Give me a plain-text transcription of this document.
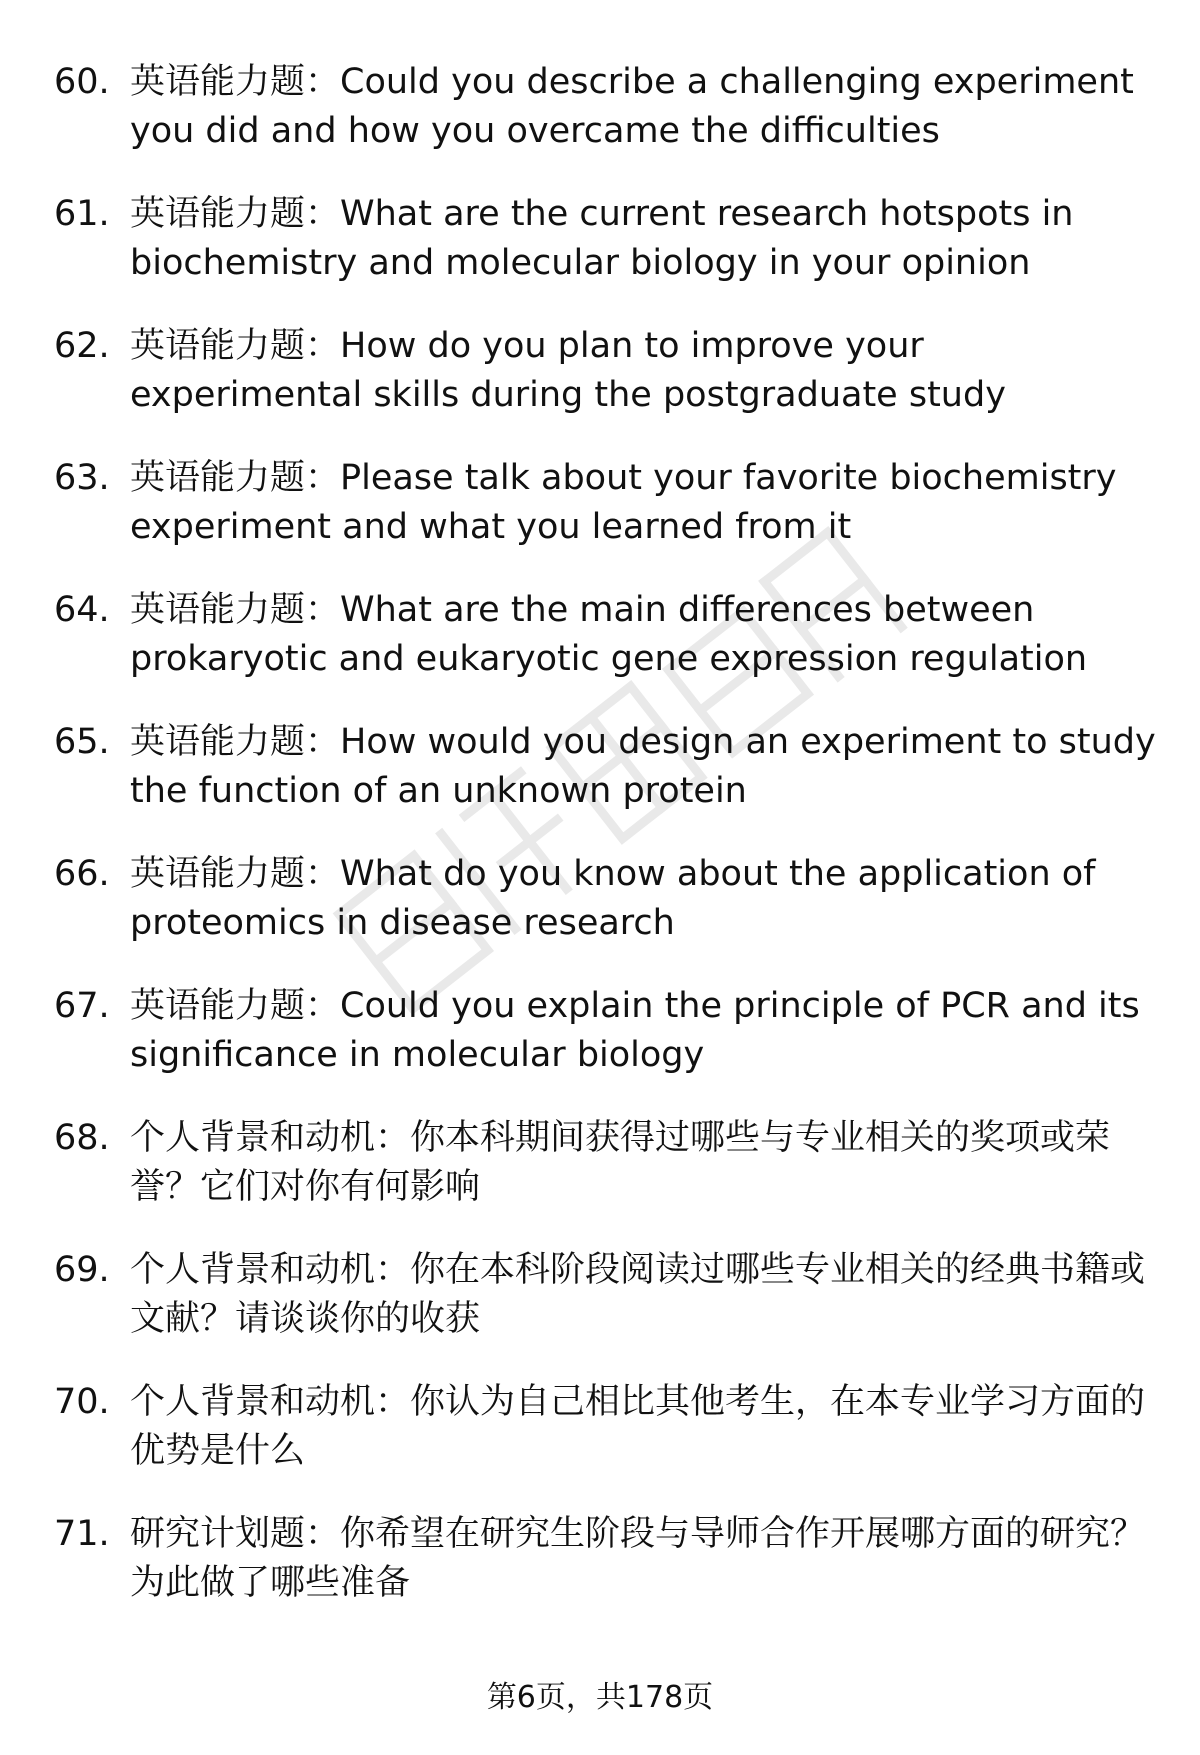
60. 英语能力题：Could you describe a challenging experiment you did and how you overcame the difficulties
61. 英语能力题：What are the current research hotspots in biochemistry and molecular biology in your opinion
62. 英语能力题：How do you plan to improve your experimental skills during the postgraduate study
63. 英语能力题：Please talk about your favorite biochemistry experiment and what you learned from it
64. 英语能力题：What are the main differences between prokaryotic and eukaryotic gene expression regulation
65. 英语能力题：How would you design an experiment to study the function of an unknown protein
66. 英语能力题：What do you know about the application of proteomics in disease research
67. 英语能力题：Could you explain the principle of PCR and its significance in molecular biology
68. 个人背景和动机：你本科期间获得过哪些与专业相关的奖项或荣誉？它们对你有何影响
69. 个人背景和动机：你在本科阶段阅读过哪些专业相关的经典书籍或文献？请谈谈你的收获
70. 个人背景和动机：你认为自己相比其他考生，在本专业学习方面的优势是什么
71. 研究计划题：你希望在研究生阶段与导师合作开展哪方面的研究？为此做了哪些准备
第6页，共178页
